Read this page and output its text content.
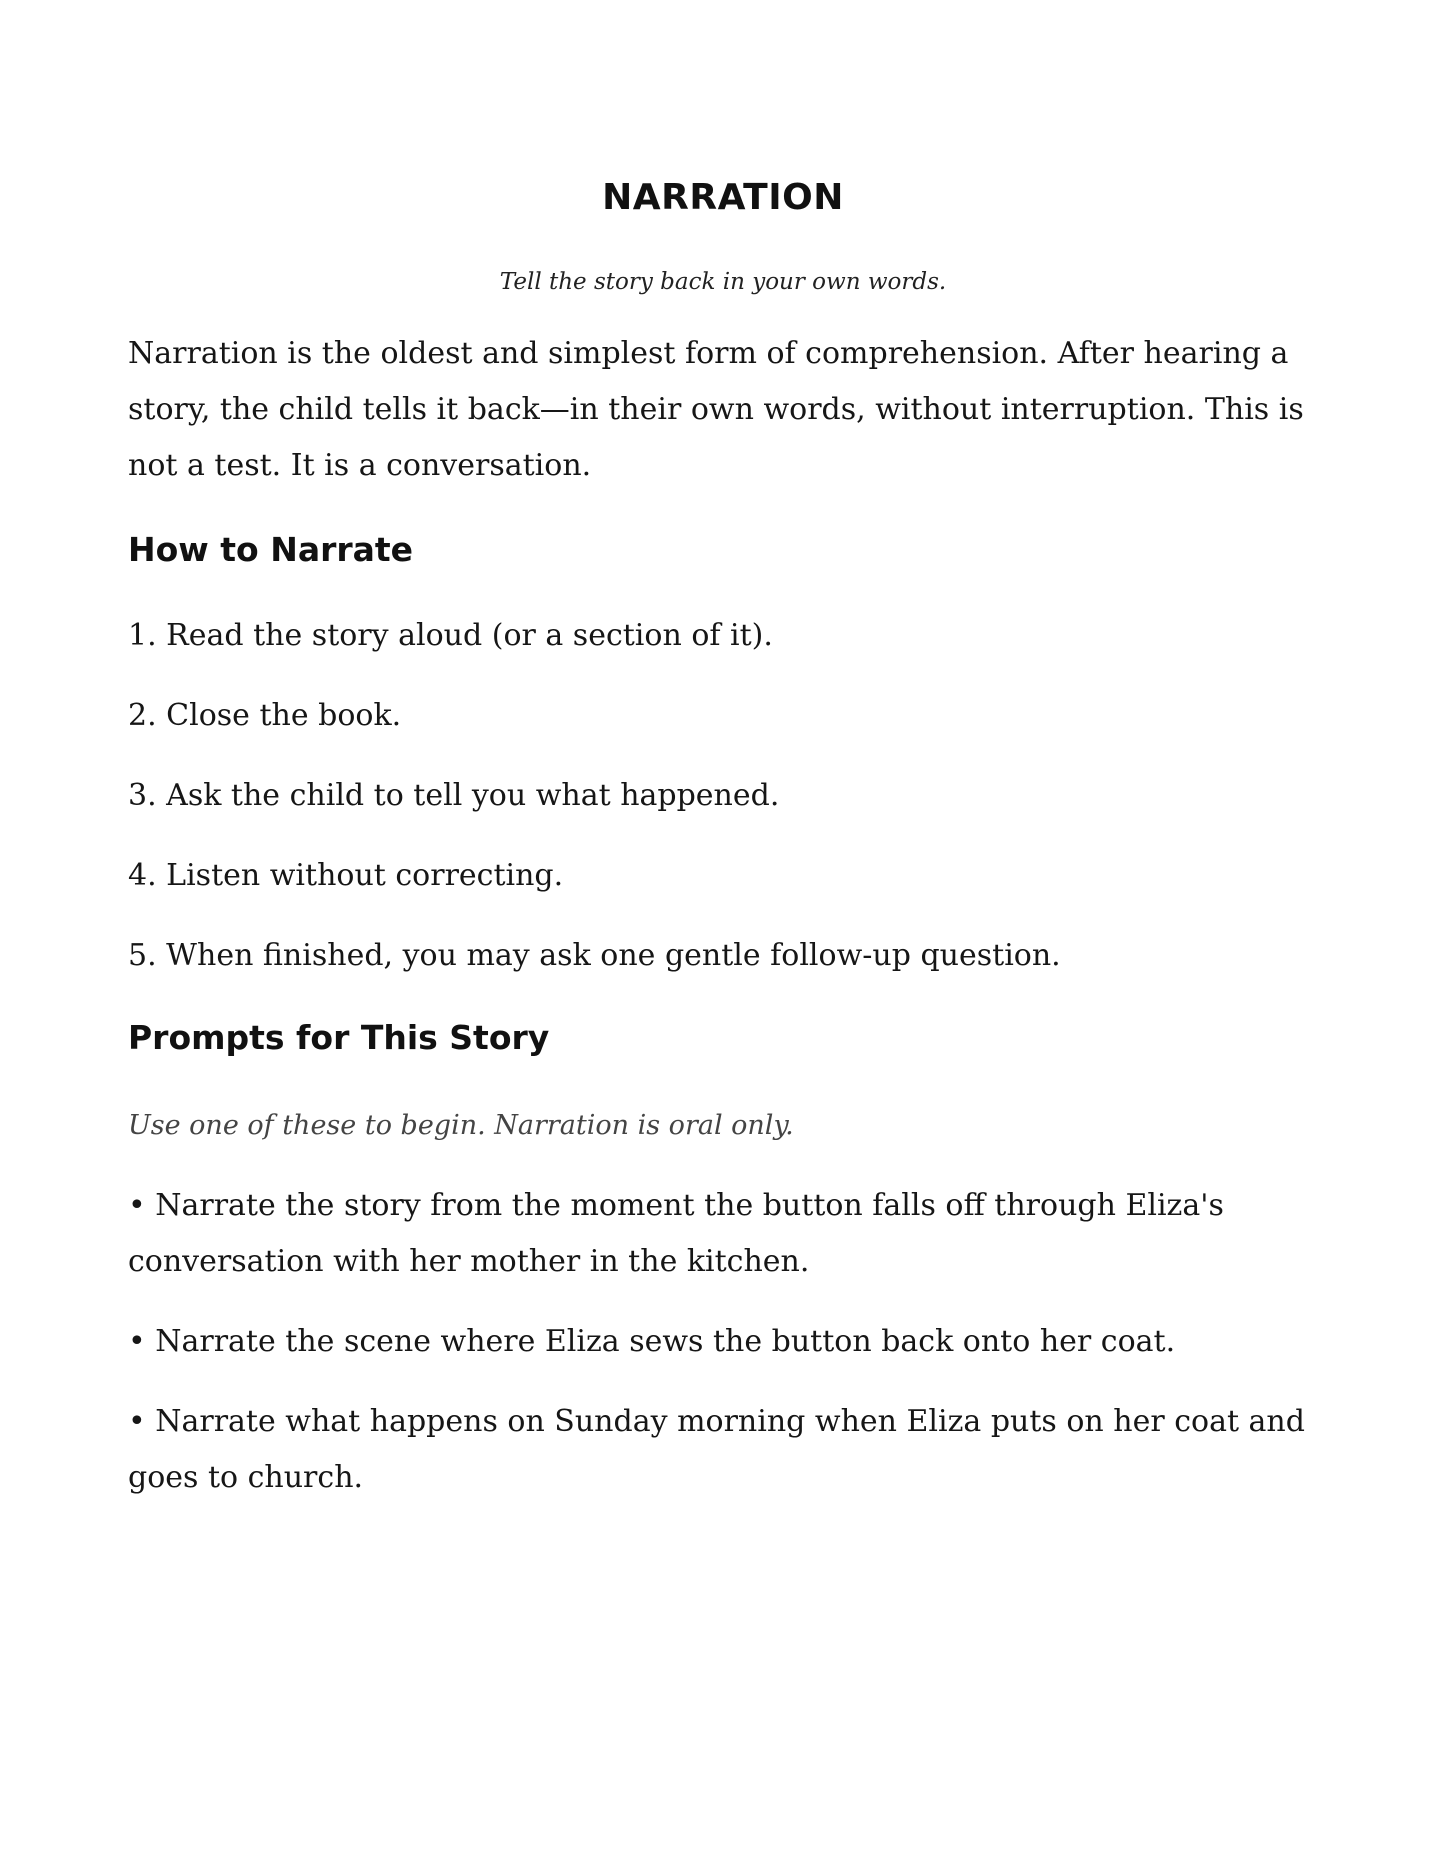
NARRATION

Tell the story back in your own words.

Narration is the oldest and simplest form of comprehension. After hearing a story, the child tells it back—in their own words, without interruption. This is not a test. It is a conversation.

How to Narrate

1. Read the story aloud (or a section of it).

2. Close the book.

3. Ask the child to tell you what happened.

4. Listen without correcting.

5. When finished, you may ask one gentle follow-up question.

Prompts for This Story

Use one of these to begin. Narration is oral only.

• Narrate the story from the moment the button falls off through Eliza's conversation with her mother in the kitchen.

• Narrate the scene where Eliza sews the button back onto her coat.

• Narrate what happens on Sunday morning when Eliza puts on her coat and goes to church.
